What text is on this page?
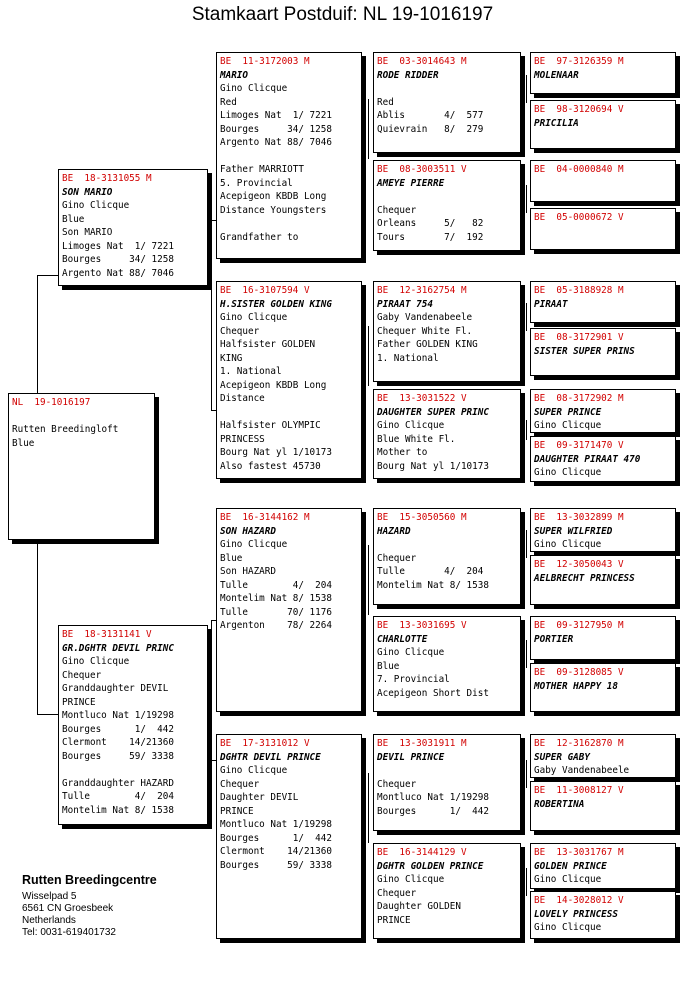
Stamkaart Postduif: NL 19-1016197
NL  19-1016197
Rutten Breedingloft
Blue
BE  18-3131055 M
SON MARIO
Gino Clicque
Blue
Son MARIO
Limoges Nat  1/ 7221
Bourges     34/ 1258
Argento Nat 88/ 7046
BE  18-3131141 V
GR.DGHTR DEVIL PRINC
Gino Clicque
Chequer
Granddaughter DEVIL
PRINCE
Montluco Nat 1/19298
Bourges      1/  442
Clermont    14/21360
Bourges     59/ 3338
Granddaughter HAZARD
Tulle        4/  204
Montelim Nat 8/ 1538
BE  11-3172003 M
MARIO
Gino Clicque
Red
Limoges Nat  1/ 7221
Bourges     34/ 1258
Argento Nat 88/ 7046
Father MARRIOTT
5. Provincial
Acepigeon KBDB Long
Distance Youngsters
Grandfather to
BE  16-3107594 V
H.SISTER GOLDEN KING
Gino Clicque
Chequer
Halfsister GOLDEN
KING
1. National
Acepigeon KBDB Long
Distance
Halfsister OLYMPIC
PRINCESS
Bourg Nat yl 1/10173
Also fastest 45730
BE  16-3144162 M
SON HAZARD
Gino Clicque
Blue
Son HAZARD
Tulle        4/  204
Montelim Nat 8/ 1538
Tulle       70/ 1176
Argenton    78/ 2264
BE  17-3131012 V
DGHTR DEVIL PRINCE
Gino Clicque
Chequer
Daughter DEVIL
PRINCE
Montluco Nat 1/19298
Bourges      1/  442
Clermont    14/21360
Bourges     59/ 3338
BE  03-3014643 M
RODE RIDDER
Red
Ablis       4/  577
Quievrain   8/  279
BE  08-3003511 V
AMEYE PIERRE
Chequer
Orleans     5/   82
Tours       7/  192
BE  12-3162754 M
PIRAAT 754
Gaby Vandenabeele
Chequer White Fl.
Father GOLDEN KING
1. National
BE  13-3031522 V
DAUGHTER SUPER PRINC
Gino Clicque
Blue White Fl.
Mother to
Bourg Nat yl 1/10173
BE  15-3050560 M
HAZARD
Chequer
Tulle       4/  204
Montelim Nat 8/ 1538
BE  13-3031695 V
CHARLOTTE
Gino Clicque
Blue
7. Provincial
Acepigeon Short Dist
BE  13-3031911 M
DEVIL PRINCE
Chequer
Montluco Nat 1/19298
Bourges      1/  442
BE  16-3144129 V
DGHTR GOLDEN PRINCE
Gino Clicque
Chequer
Daughter GOLDEN
PRINCE
BE  97-3126359 M
MOLENAAR
BE  98-3120694 V
PRICILIA
BE  04-0000840 M
BE  05-0000672 V
BE  05-3188928 M
PIRAAT
BE  08-3172901 V
SISTER SUPER PRINS
BE  08-3172902 M
SUPER PRINCE
Gino Clicque
BE  09-3171470 V
DAUGHTER PIRAAT 470
Gino Clicque
BE  13-3032899 M
SUPER WILFRIED
Gino Clicque
BE  12-3050043 V
AELBRECHT PRINCESS
BE  09-3127950 M
PORTIER
BE  09-3128085 V
MOTHER HAPPY 18
BE  12-3162870 M
SUPER GABY
Gaby Vandenabeele
BE  11-3008127 V
ROBERTINA
BE  13-3031767 M
GOLDEN PRINCE
Gino Clicque
BE  14-3028012 V
LOVELY PRINCESS
Gino Clicque
Rutten Breedingcentre
Wisselpad 5
6561 CN Groesbeek
Netherlands
Tel: 0031-619401732
